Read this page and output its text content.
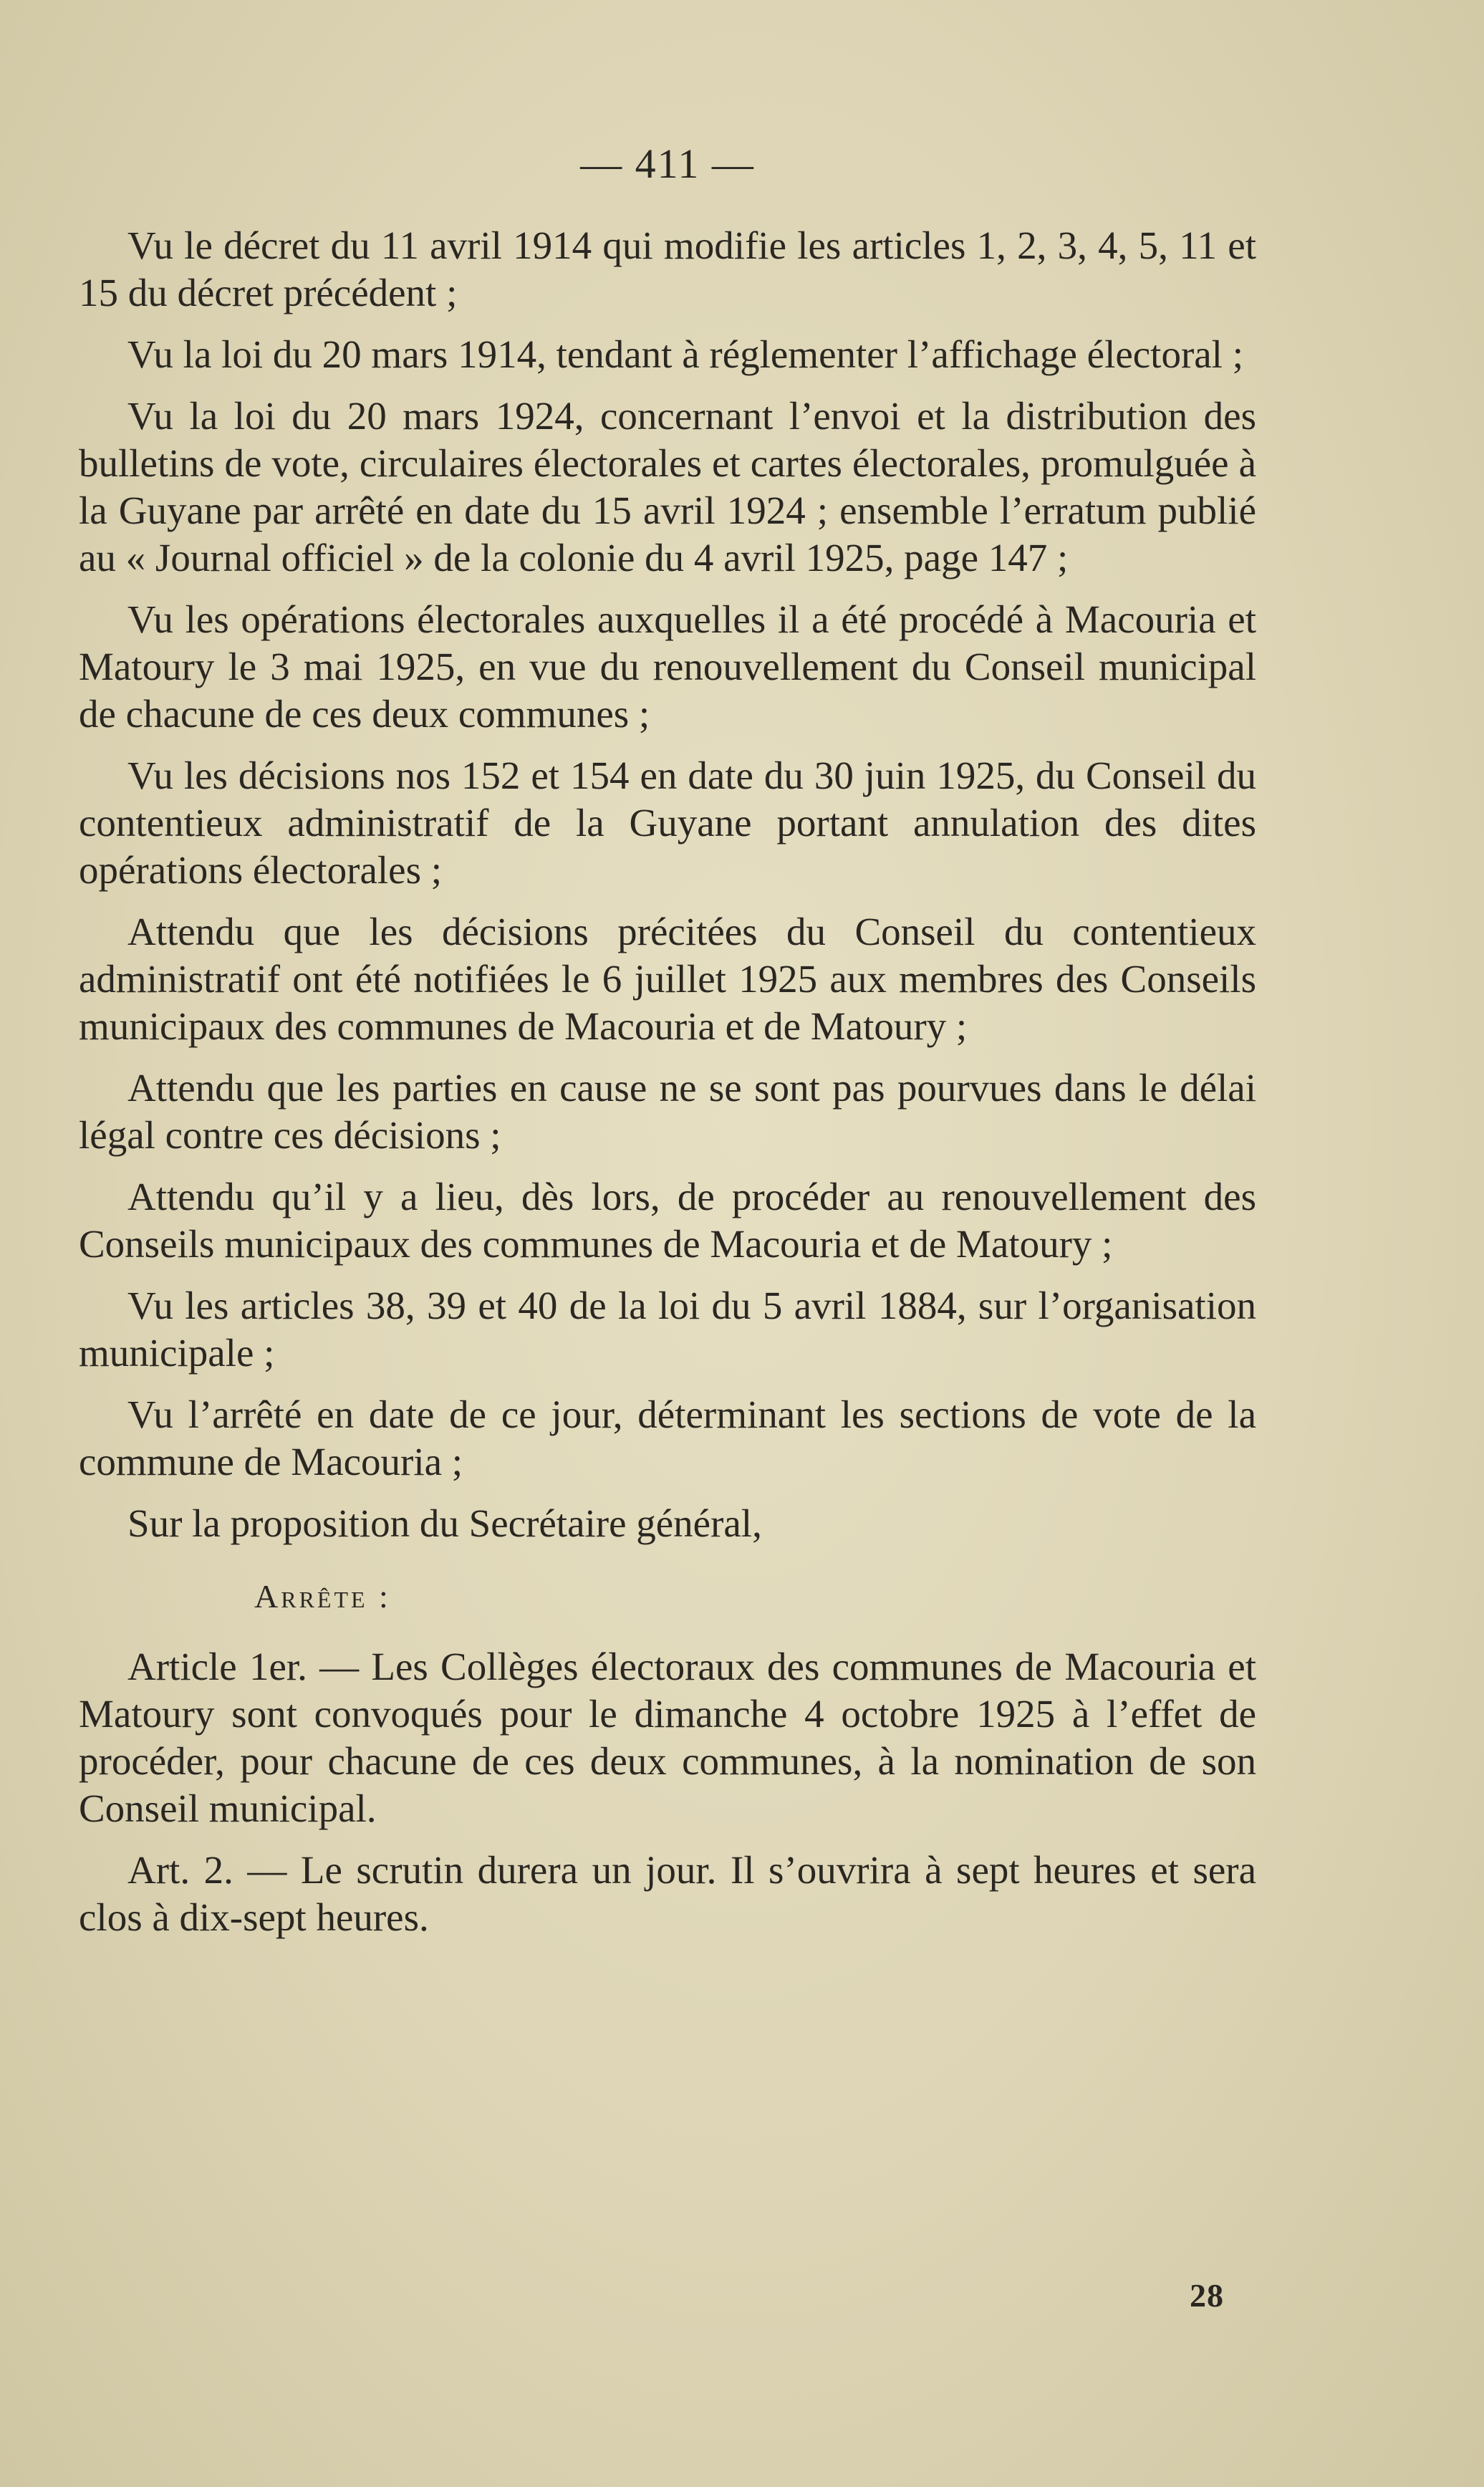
— 411 —

Vu le décret du 11 avril 1914 qui modifie les articles 1, 2, 3, 4, 5, 11 et 15 du décret précédent ;

Vu la loi du 20 mars 1914, tendant à réglementer l’affichage électoral ;

Vu la loi du 20 mars 1924, concernant l’envoi et la distribution des bulletins de vote, circulaires électorales et cartes électorales, promulguée à la Guyane par arrêté en date du 15 avril 1924 ; ensemble l’erratum publié au « Journal officiel » de la colonie du 4 avril 1925, page 147 ;

Vu les opérations électorales auxquelles il a été procédé à Macouria et Matoury le 3 mai 1925, en vue du renouvellement du Conseil municipal de chacune de ces deux communes ;

Vu les décisions nos 152 et 154 en date du 30 juin 1925, du Conseil du contentieux administratif de la Guyane portant annulation des dites opérations électorales ;

Attendu que les décisions précitées du Conseil du contentieux administratif ont été notifiées le 6 juillet 1925 aux membres des Conseils municipaux des communes de Macouria et de Matoury ;

Attendu que les parties en cause ne se sont pas pourvues dans le délai légal contre ces décisions ;

Attendu qu’il y a lieu, dès lors, de procéder au renouvellement des Conseils municipaux des communes de Macouria et de Matoury ;

Vu les articles 38, 39 et 40 de la loi du 5 avril 1884, sur l’organisation municipale ;

Vu l’arrêté en date de ce jour, déterminant les sections de vote de la commune de Macouria ;

Sur la proposition du Secrétaire général,

Arrête :

Article 1er. — Les Collèges électoraux des communes de Macouria et Matoury sont convoqués pour le dimanche 4 octobre 1925 à l’effet de procéder, pour chacune de ces deux communes, à la nomination de son Conseil municipal.

Art. 2. — Le scrutin durera un jour. Il s’ouvrira à sept heures et sera clos à dix-sept heures.

28
